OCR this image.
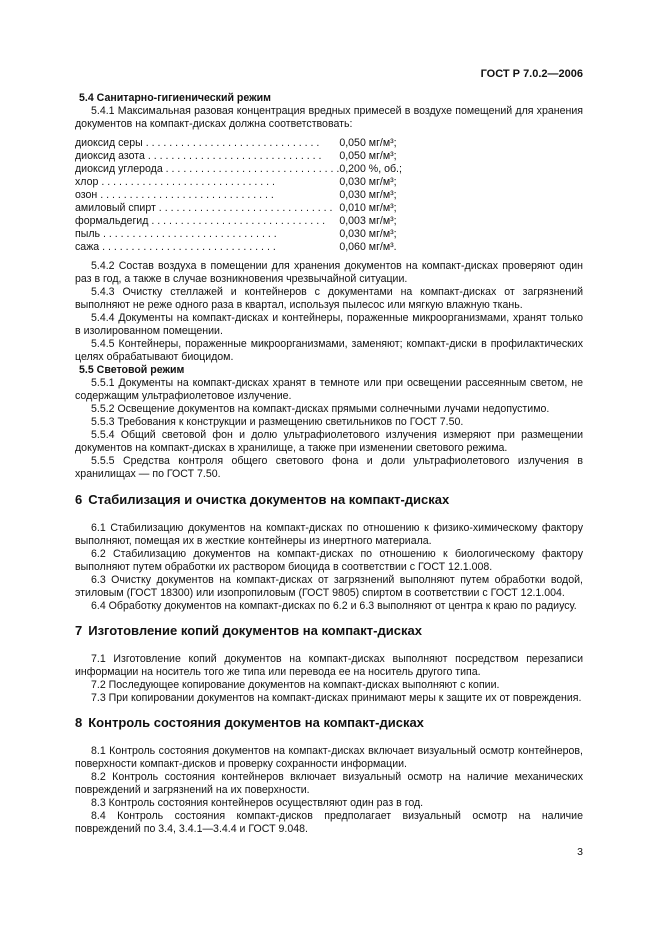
ГОСТ Р 7.0.2—2006
5.4 Санитарно-гигиенический режим

5.4.1 Максимальная разовая концентрация вредных примесей в воздухе помещений для хранения документов на компакт-дисках должна соответствовать:

диоксид серы . . . . . . . . . . . . . . . . . . . . . . . . . . . . . .	0,050 мг/м³;
диоксид азота . . . . . . . . . . . . . . . . . . . . . . . . . . . . . .	0,050 мг/м³;
диоксид углерода . . . . . . . . . . . . . . . . . . . . . . . . . . . . . .	0,200 %, об.;
хлор . . . . . . . . . . . . . . . . . . . . . . . . . . . . . .	0,030 мг/м³;
озон . . . . . . . . . . . . . . . . . . . . . . . . . . . . . .	0,030 мг/м³;
амиловый спирт . . . . . . . . . . . . . . . . . . . . . . . . . . . . . .	0,010 мг/м³;
формальдегид . . . . . . . . . . . . . . . . . . . . . . . . . . . . . .	0,003 мг/м³;
пыль . . . . . . . . . . . . . . . . . . . . . . . . . . . . . .	0,030 мг/м³;
сажа . . . . . . . . . . . . . . . . . . . . . . . . . . . . . .	0,060 мг/м³.

5.4.2 Состав воздуха в помещении для хранения документов на компакт-дисках проверяют один раз в год, а также в случае возникновения чрезвычайной ситуации.

5.4.3 Очистку стеллажей и контейнеров с документами на компакт-дисках от загрязнений выполняют не реже одного раза в квартал, используя пылесос или мягкую влажную ткань.

5.4.4 Документы на компакт-дисках и контейнеры, пораженные микроорганизмами, хранят только в изолированном помещении.

5.4.5 Контейнеры, пораженные микроорганизмами, заменяют; компакт-диски в профилактических целях обрабатывают биоцидом.

5.5 Световой режим

5.5.1 Документы на компакт-дисках хранят в темноте или при освещении рассеянным светом, не содержащим ультрафиолетовое излучение.

5.5.2 Освещение документов на компакт-дисках прямыми солнечными лучами недопустимо.

5.5.3 Требования к конструкции и размещению светильников по ГОСТ 7.50.

5.5.4 Общий световой фон и долю ультрафиолетового излучения измеряют при размещении документов на компакт-дисках в хранилище, а также при изменении светового режима.

5.5.5 Средства контроля общего светового фона и доли ультрафиолетового излучения в хранилищах — по ГОСТ 7.50.

6 Стабилизация и очистка документов на компакт-дисках

6.1 Стабилизацию документов на компакт-дисках по отношению к физико-химическому фактору выполняют, помещая их в жесткие контейнеры из инертного материала.

6.2 Стабилизацию документов на компакт-дисках по отношению к биологическому фактору выполняют путем обработки их раствором биоцида в соответствии с ГОСТ 12.1.008.

6.3 Очистку документов на компакт-дисках от загрязнений выполняют путем обработки водой, этиловым (ГОСТ 18300) или изопропиловым (ГОСТ 9805) спиртом в соответствии с ГОСТ 12.1.004.

6.4 Обработку документов на компакт-дисках по 6.2 и 6.3 выполняют от центра к краю по радиусу.

7 Изготовление копий документов на компакт-дисках

7.1 Изготовление копий документов на компакт-дисках выполняют посредством перезаписи информации на носитель того же типа или перевода ее на носитель другого типа.

7.2 Последующее копирование документов на компакт-дисках выполняют с копии.

7.3 При копировании документов на компакт-дисках принимают меры к защите их от повреждения.

8 Контроль состояния документов на компакт-дисках

8.1 Контроль состояния документов на компакт-дисках включает визуальный осмотр контейнеров, поверхности компакт-дисков и проверку сохранности информации.

8.2 Контроль состояния контейнеров включает визуальный осмотр на наличие механических повреждений и загрязнений на их поверхности.

8.3 Контроль состояния контейнеров осуществляют один раз в год.

8.4 Контроль состояния компакт-дисков предполагает визуальный осмотр на наличие повреждений по 3.4, 3.4.1—3.4.4 и ГОСТ 9.048.

3
